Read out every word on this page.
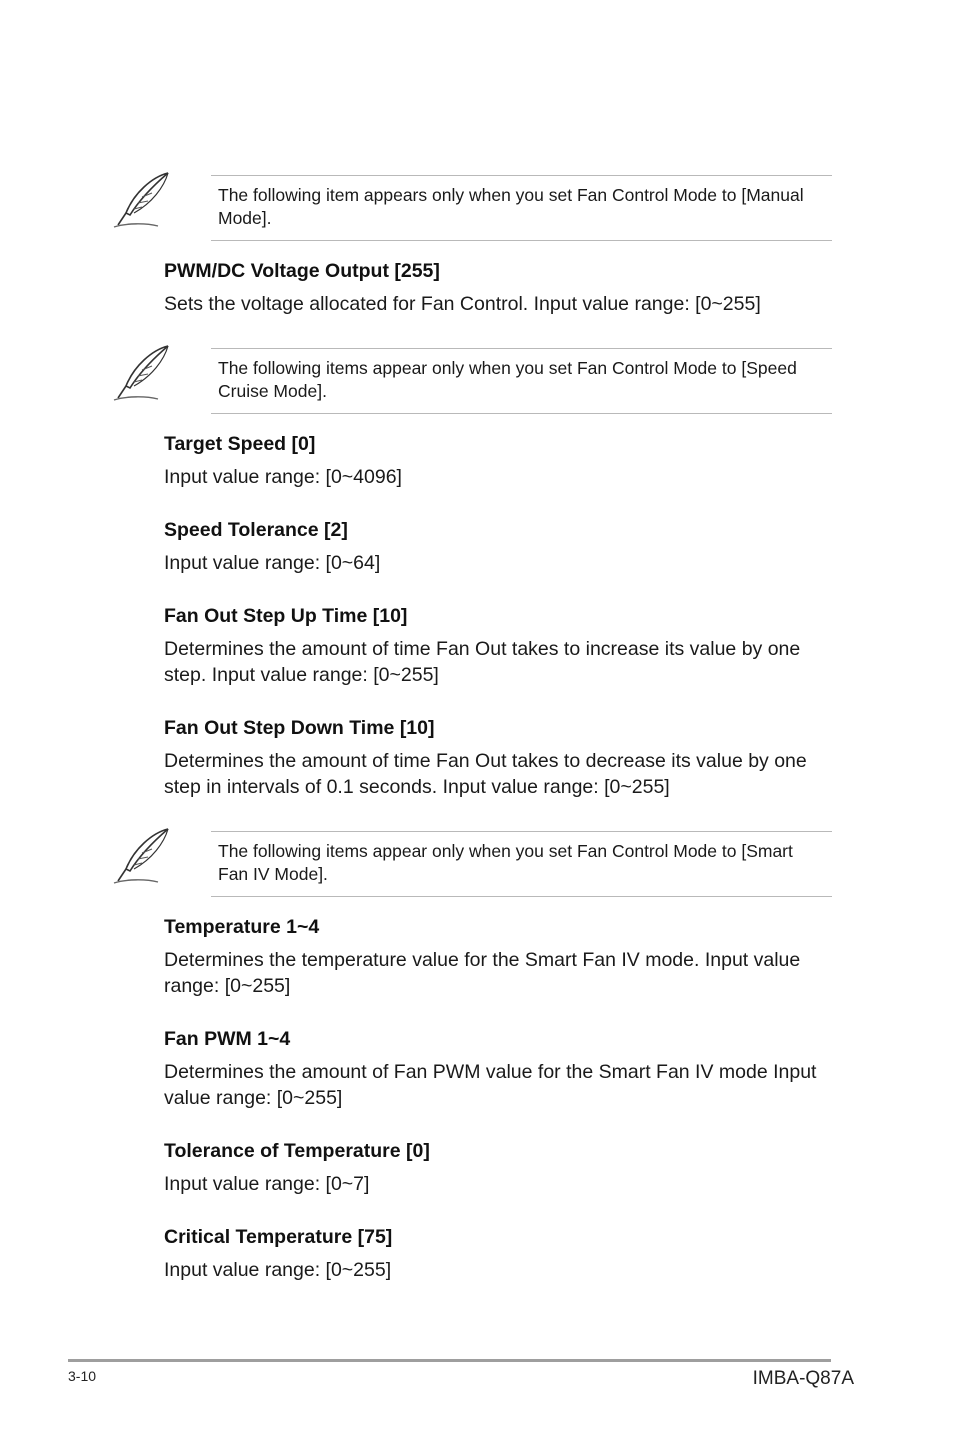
The following item appears only when you set Fan Control Mode to [Manual Mode].
PWM/DC Voltage Output [255]
Sets the voltage allocated for Fan Control. Input value range: [0~255]
The following items appear only when you set Fan Control Mode to [Speed Cruise Mode].
Target Speed [0]
Input value range: [0~4096]
Speed Tolerance [2]
Input value range: [0~64]
Fan Out Step Up Time [10]
Determines the amount of time Fan Out takes to increase its value by one step. Input value range: [0~255]
Fan Out Step Down Time [10]
Determines the amount of time Fan Out takes to decrease its value by one step in intervals of 0.1 seconds. Input value range: [0~255]
The following items appear only when you set Fan Control Mode to [Smart Fan IV Mode].
Temperature 1~4
Determines the temperature value for the Smart Fan IV mode. Input value range: [0~255]
Fan PWM 1~4
Determines the amount of Fan PWM value for the Smart Fan IV mode Input value range: [0~255]
Tolerance of Temperature [0]
Input value range: [0~7]
Critical Temperature [75]
Input value range: [0~255]
3-10	IMBA-Q87A
